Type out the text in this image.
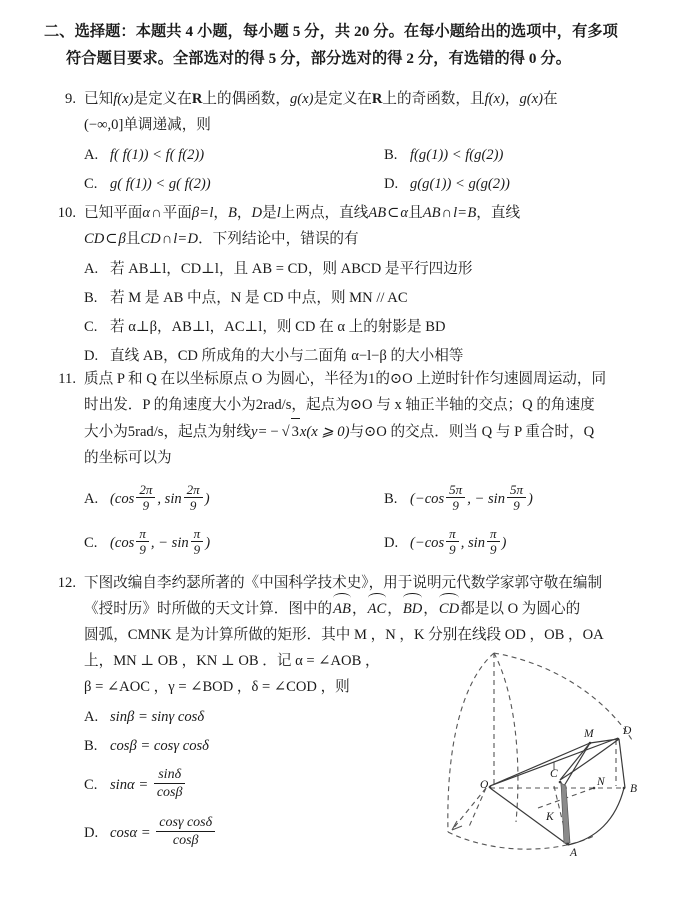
二、选择题：本题共 4 小题，每小题 5 分，共 20 分。在每小题给出的选项中，有多项
符合题目要求。全部选对的得 5 分，部分选对的得 2 分，有选错的得 0 分。
9. 已知f(x)是定义在R上的偶函数，g(x)是定义在R上的奇函数，且f(x)，g(x)在
(−∞,0]单调递减，则
A. f( f(1)) < f( f(2))	B. f(g(1)) < f(g(2))
C. g( f(1)) < g( f(2))	D. g(g(1)) < g(g(2))
10. 已知平面α∩平面β=l，B，D是l上两点，直线AB⊂α且AB∩l=B，直线
CD⊂β且CD∩l=D．下列结论中，错误的有
A. 若 AB⊥l，CD⊥l，且 AB = CD，则 ABCD 是平行四边形
B. 若 M 是 AB 中点，N 是 CD 中点，则 MN // AC
C. 若 α⊥β，AB⊥l，AC⊥l，则 CD 在 α 上的射影是 BD
D. 直线 AB，CD 所成角的大小与二面角 α−l−β 的大小相等
11. 质点 P 和 Q 在以坐标原点 O 为圆心，半径为1的⊙O 上逆时针作匀速圆周运动，同
时出发．P 的角速度大小为2rad/s，起点为⊙O 与 x 轴正半轴的交点；Q 的角速度
大小为5rad/s，起点为射线y= − √ 3x(x ⩾ 0)与⊙O 的交点．则当 Q 与 P 重合时，Q
的坐标可以为
A. ($\cos \frac{2\pi}{9}$ , $\sin \frac{2\pi}{9}$ )	B. ($-\cos \frac{5\pi}{9}$ , − $\sin \frac{5\pi}{9}$ )
C. ($\cos \frac{\pi}{9}$ , − $\sin \frac{\pi}{9}$ )	D. ($-\cos \frac{\pi}{9}$ , $\sin \frac{\pi}{9}$ )
12. 下图改编自李约瑟所著的《中国科学技术史》，用于说明元代数学家郭守敬在编制
《授时历》时所做的天文计算．图中的AB，AC，BD，CD都是以 O 为圆心的
圆弧，CMNK 是为计算所做的矩形．其中 M ，N ，K 分别在线段 OD ，OB ，OA
上，MN ⊥ OB ，KN ⊥ OB ．记 α = ∠AOB ，
β = ∠AOC ，γ = ∠BOD ，δ = ∠COD ，则
A. sinβ = sinγ cosδ
B. cosβ = cosγ cosδ
C. $\sin\alpha = \frac{\sin\delta}{\cos\beta}$
D. $\cos\alpha = \frac{\text{cosγ cosδ}}{\cos\beta}$
O	B
A
D
C
M
N
K
